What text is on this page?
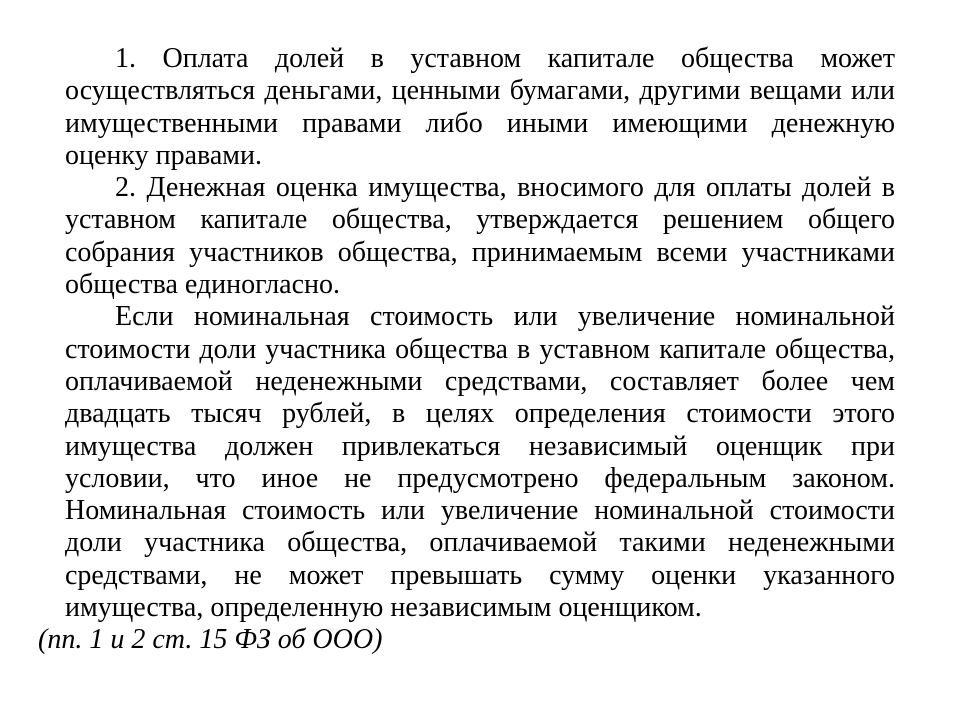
1. Оплата долей в уставном капитале общества может осуществляться деньгами, ценными бумагами, другими вещами или имущественными правами либо иными имеющими денежную оценку правами.

2. Денежная оценка имущества, вносимого для оплаты долей в уставном капитале общества, утверждается решением общего собрания участников общества, принимаемым всеми участниками общества единогласно.

Если номинальная стоимость или увеличение номинальной стоимости доли участника общества в уставном капитале общества, оплачиваемой неденежными средствами, составляет более чем двадцать тысяч рублей, в целях определения стоимости этого имущества должен привлекаться независимый оценщик при условии, что иное не предусмотрено федеральным законом. Номинальная стоимость или увеличение номинальной стоимости доли участника общества, оплачиваемой такими неденежными средствами, не может превышать сумму оценки указанного имущества, определенную независимым оценщиком.

(пп. 1 и 2 ст. 15 ФЗ об ООО)
